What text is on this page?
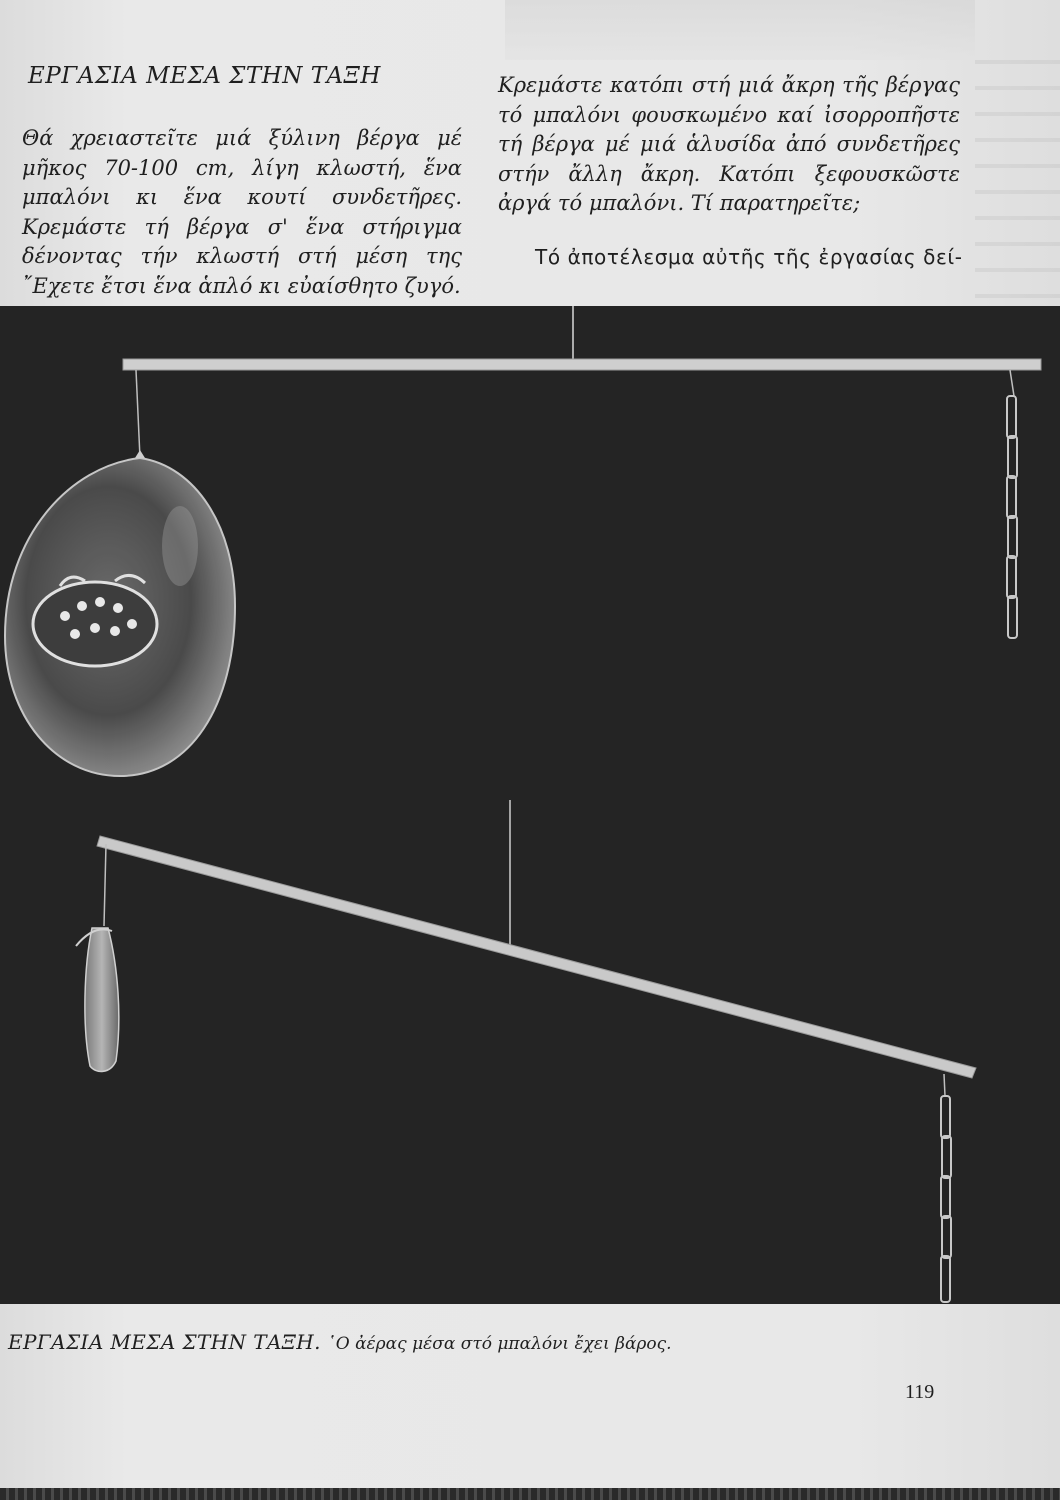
ΕΡΓΑΣΙΑ ΜΕΣΑ ΣΤΗΝ ΤΑΞΗ

Θά χρειαστεῖτε μιά ξύλινη βέργα μέ μῆκος 70-100 cm, λίγη κλωστή, ἕνα μπαλόνι κι ἕνα κουτί συνδετῆρες. Κρεμάστε τή βέργα σ' ἕνα στήριγμα δένοντας τήν κλωστή στή μέση της ῎Εχετε ἔτσι ἕνα ἁπλό κι εὐαίσθητο ζυγό.

Κρεμάστε κατόπι στή μιά ἄκρη τῆς βέργας τό μπαλόνι φουσκωμένο καί ἰσορροπῆστε τή βέργα μέ μιά ἁλυσίδα ἀπό συνδετῆρες στήν ἄλλη ἄκρη. Κατόπι ξεφουσκῶστε ἀργά τό μπαλόνι. Τί παρατηρεῖτε;

Τό ἀποτέλεσμα αὐτῆς τῆς ἐργασίας δεί-
ΕΡΓΑΣΙΑ ΜΕΣΑ ΣΤΗΝ ΤΑΞΗ. ῾Ο ἀέρας μέσα στό μπαλόνι ἔχει βάρος.
119
